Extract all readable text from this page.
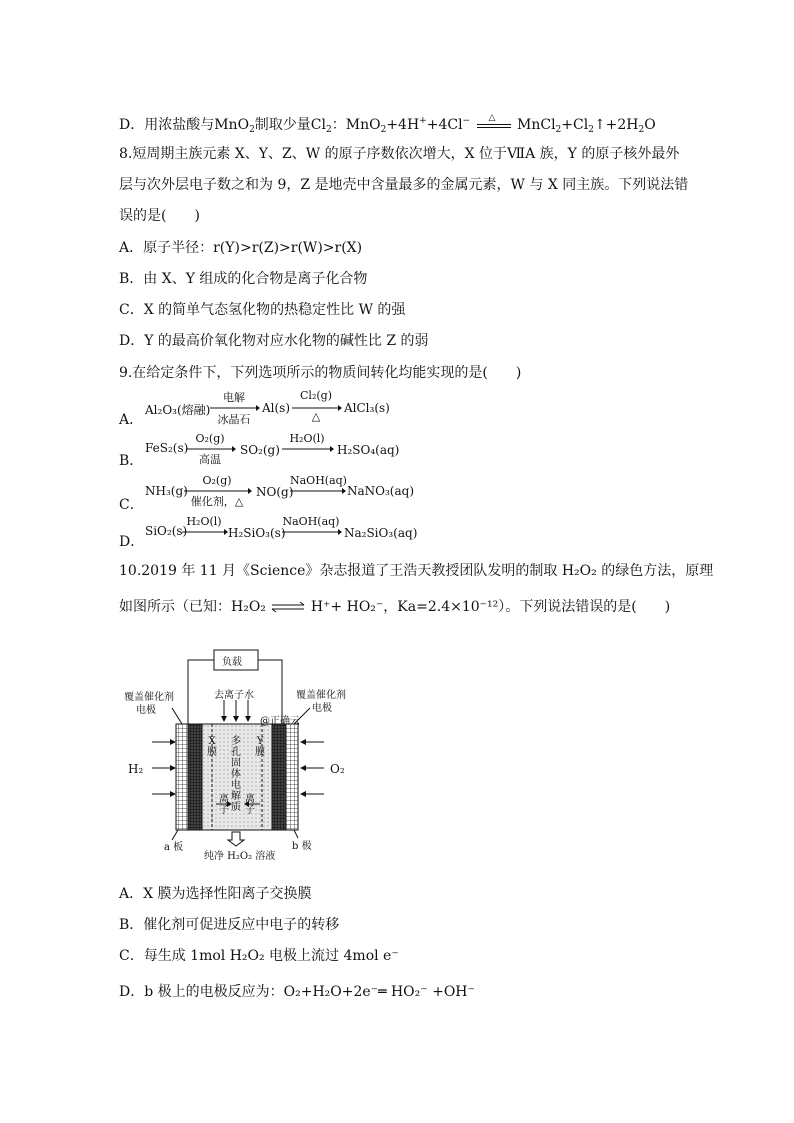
D．用浓盐酸与MnO$_2$制取少量$Cl_2$：MnO$_2$+4H++4Cl− △ $MnCl_2+Cl_2↑+2H_2O$
8.短周期主族元素 X、Y、Z、W 的原子序数依次增大，X 位于ⅦA 族，Y 的原子核外最外
层与次外层电子数之和为 9，Z 是地壳中含量最多的金属元素，W 与 X 同主族。下列说法错
误的是(　　)
A．原子半径：r(Y)>r(Z)>r(W)>r(X)
B．由 X、Y 组成的化合物是离子化合物
C．X 的简单气态氢化物的热稳定性比 W 的强
D．Y 的最高价氧化物对应水化物的碱性比 Z 的弱
9.在给定条件下，下列选项所示的物质间转化均能实现的是(　　)
A．
Al₂O₃(熔融)
电解
冰晶石
Al(s)
Cl₂(g)
△
AlCl₃(s)
B．
FeS₂(s)
O₂(g)
高温
SO₂(g)
H₂O(l)
H₂SO₄(aq)
C．
NH₃(g)
O₂(g)
催化剂，△
NO(g)
NaOH(aq)
NaNO₃(aq)
D．
SiO₂(s)
H₂O(l)
H₂SiO₃(s)
NaOH(aq)
Na₂SiO₃(aq)
10.2019 年 11 月《Science》杂志报道了王浩天教授团队发明的制取 H₂O₂ 的绿色方法，原理
如图所示（已知：H₂O₂ ⇌ H⁺+ HO₂⁻，Ka=2.4×10⁻¹²）。下列说法错误的是(　　)
负载
去离子水
覆盖催化剂
电极
覆盖催化剂
电极
@正确云
X膜
Y膜
多孔固体电解质
离子
离子
H₂	O₂
a 板	b 极
纯净 H₂O₂ 溶液
A．X 膜为选择性阳离子交换膜
B．催化剂可促进反应中电子的转移
C．每生成 1mol H₂O₂ 电极上流过 4mol e⁻
D．b 极上的电极反应为：O₂+H₂O+2e⁻═ HO₂⁻ +OH⁻
